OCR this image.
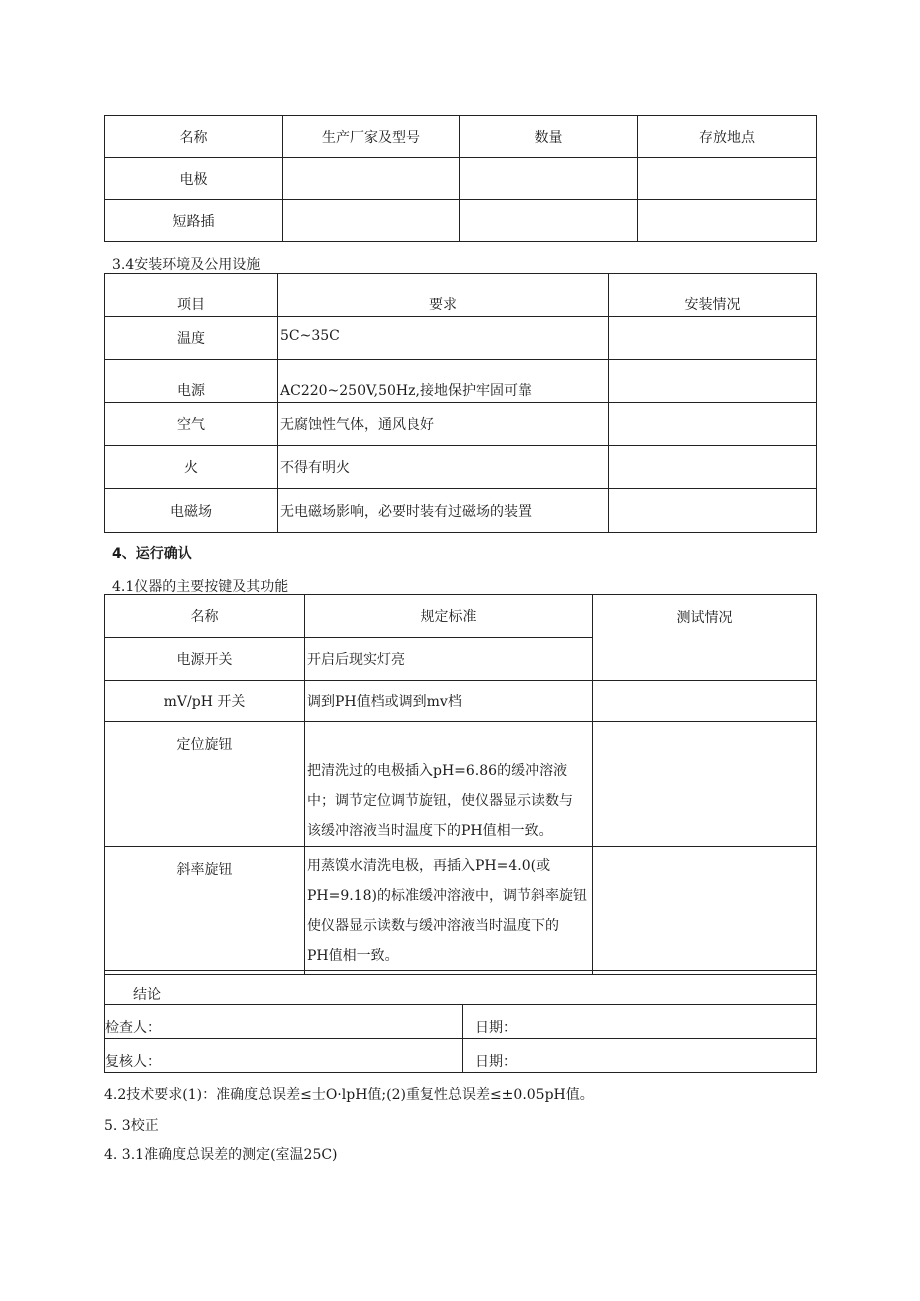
名称	生产厂家及型号	数量	存放地点
电极			
短路插			
3.4安装环境及公用设施
项目	要求	安装情况
温度	5C~35C	
电源	AC220~250V,50Hz,接地保护牢固可靠	
空气	无腐蚀性气体，通风良好	
火	不得有明火	
电磁场	无电磁场影响，必要时装有过磁场的装置	
4、运行确认
4.1仪器的主要按键及其功能
名称	规定标准	测试情况
电源开关	开启后现实灯亮	
mV/pH 开关	调到PH值档或调到mv档	
定位旋钮	把清洗过的电极插入pH=6.86的缓冲溶液
中；调节定位调节旋钮，使仪器显示读数与
该缓冲溶液当时温度下的PH值相一致。	

斜率旋钮	用蒸馍水清洗电极，再插入PH=4.0(或
PH=9.18)的标准缓冲溶液中，调节斜率旋钮
使仪器显示读数与缓冲溶液当时温度下的
PH值相一致。	

结论	
检查人：	日期：
复核人：	日期：
4.2技术要求(1)：准确度总误差≤士O·lpH值;(2)重复性总误差≤±0.05pH值。
5. 3校正
4. 3.1准确度总误差的测定(室温25C)
